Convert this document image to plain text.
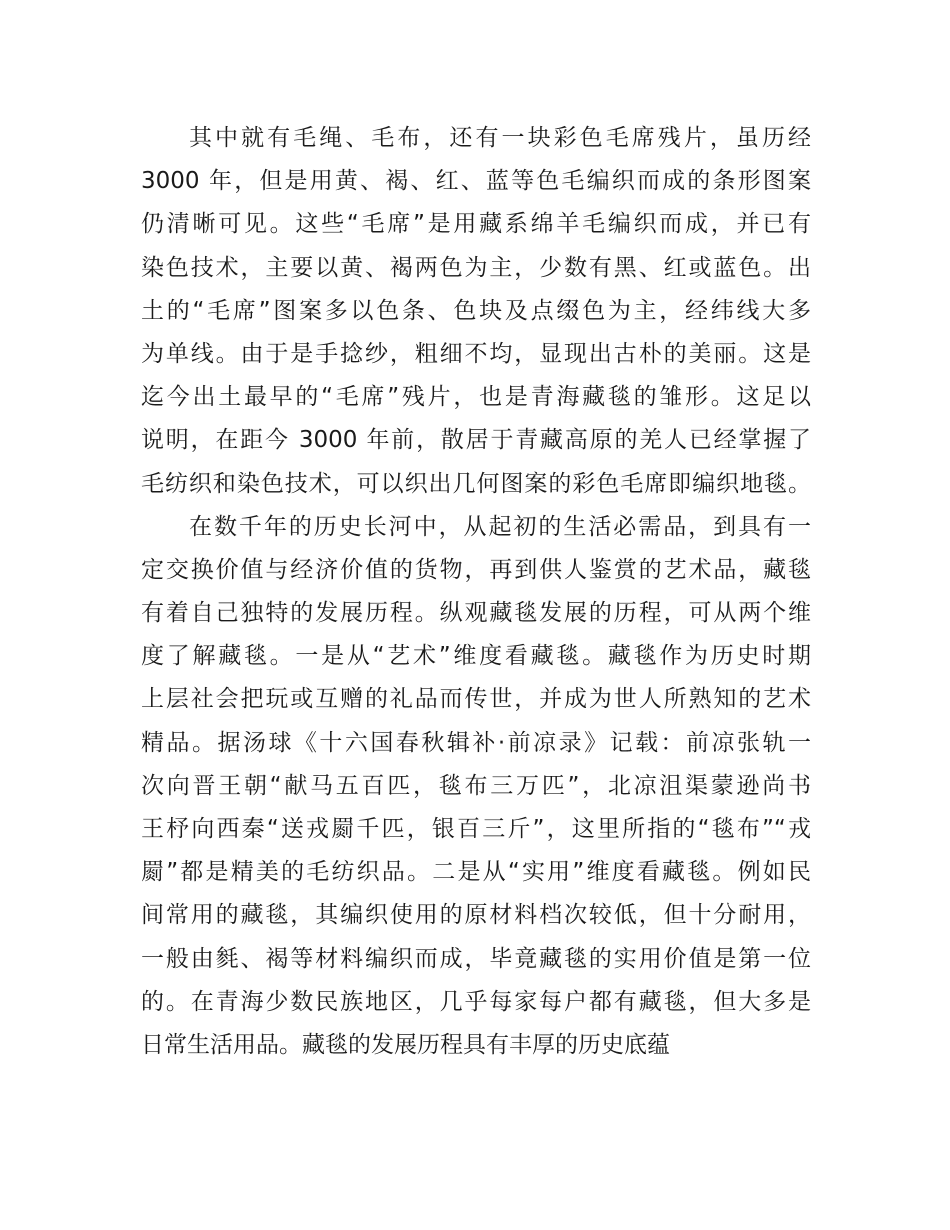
其中就有毛绳、毛布，还有一块彩色毛席残片，虽历经
3000 年，但是用黄、褐、红、蓝等色毛编织而成的条形图案
仍清晰可见。这些“毛席”是用藏系绵羊毛编织而成，并已有
染色技术，主要以黄、褐两色为主，少数有黑、红或蓝色。出
土的“毛席”图案多以色条、色块及点缀色为主，经纬线大多
为单线。由于是手捻纱，粗细不均，显现出古朴的美丽。这是
迄今出土最早的“毛席”残片，也是青海藏毯的雏形。这足以
说明，在距今 3000 年前，散居于青藏高原的羌人已经掌握了
毛纺织和染色技术，可以织出几何图案的彩色毛席即编织地毯。
在数千年的历史长河中，从起初的生活必需品，到具有一
定交换价值与经济价值的货物，再到供人鉴赏的艺术品，藏毯
有着自己独特的发展历程。纵观藏毯发展的历程，可从两个维
度了解藏毯。一是从“艺术”维度看藏毯。藏毯作为历史时期
上层社会把玩或互赠的礼品而传世，并成为世人所熟知的艺术
精品。据汤球《十六国春秋辑补·前凉录》记载：前凉张轨一
次向晋王朝“献马五百匹，毯布三万匹”，北凉沮渠蒙逊尚书
王杼向西秦“送戎罽千匹，银百三斤”，这里所指的“毯布”“戎
罽”都是精美的毛纺织品。二是从“实用”维度看藏毯。例如民
间常用的藏毯，其编织使用的原材料档次较低，但十分耐用，
一般由毵、褐等材料编织而成，毕竟藏毯的实用价值是第一位
的。在青海少数民族地区，几乎每家每户都有藏毯，但大多是
日常生活用品。藏毯的发展历程具有丰厚的历史底蕴
